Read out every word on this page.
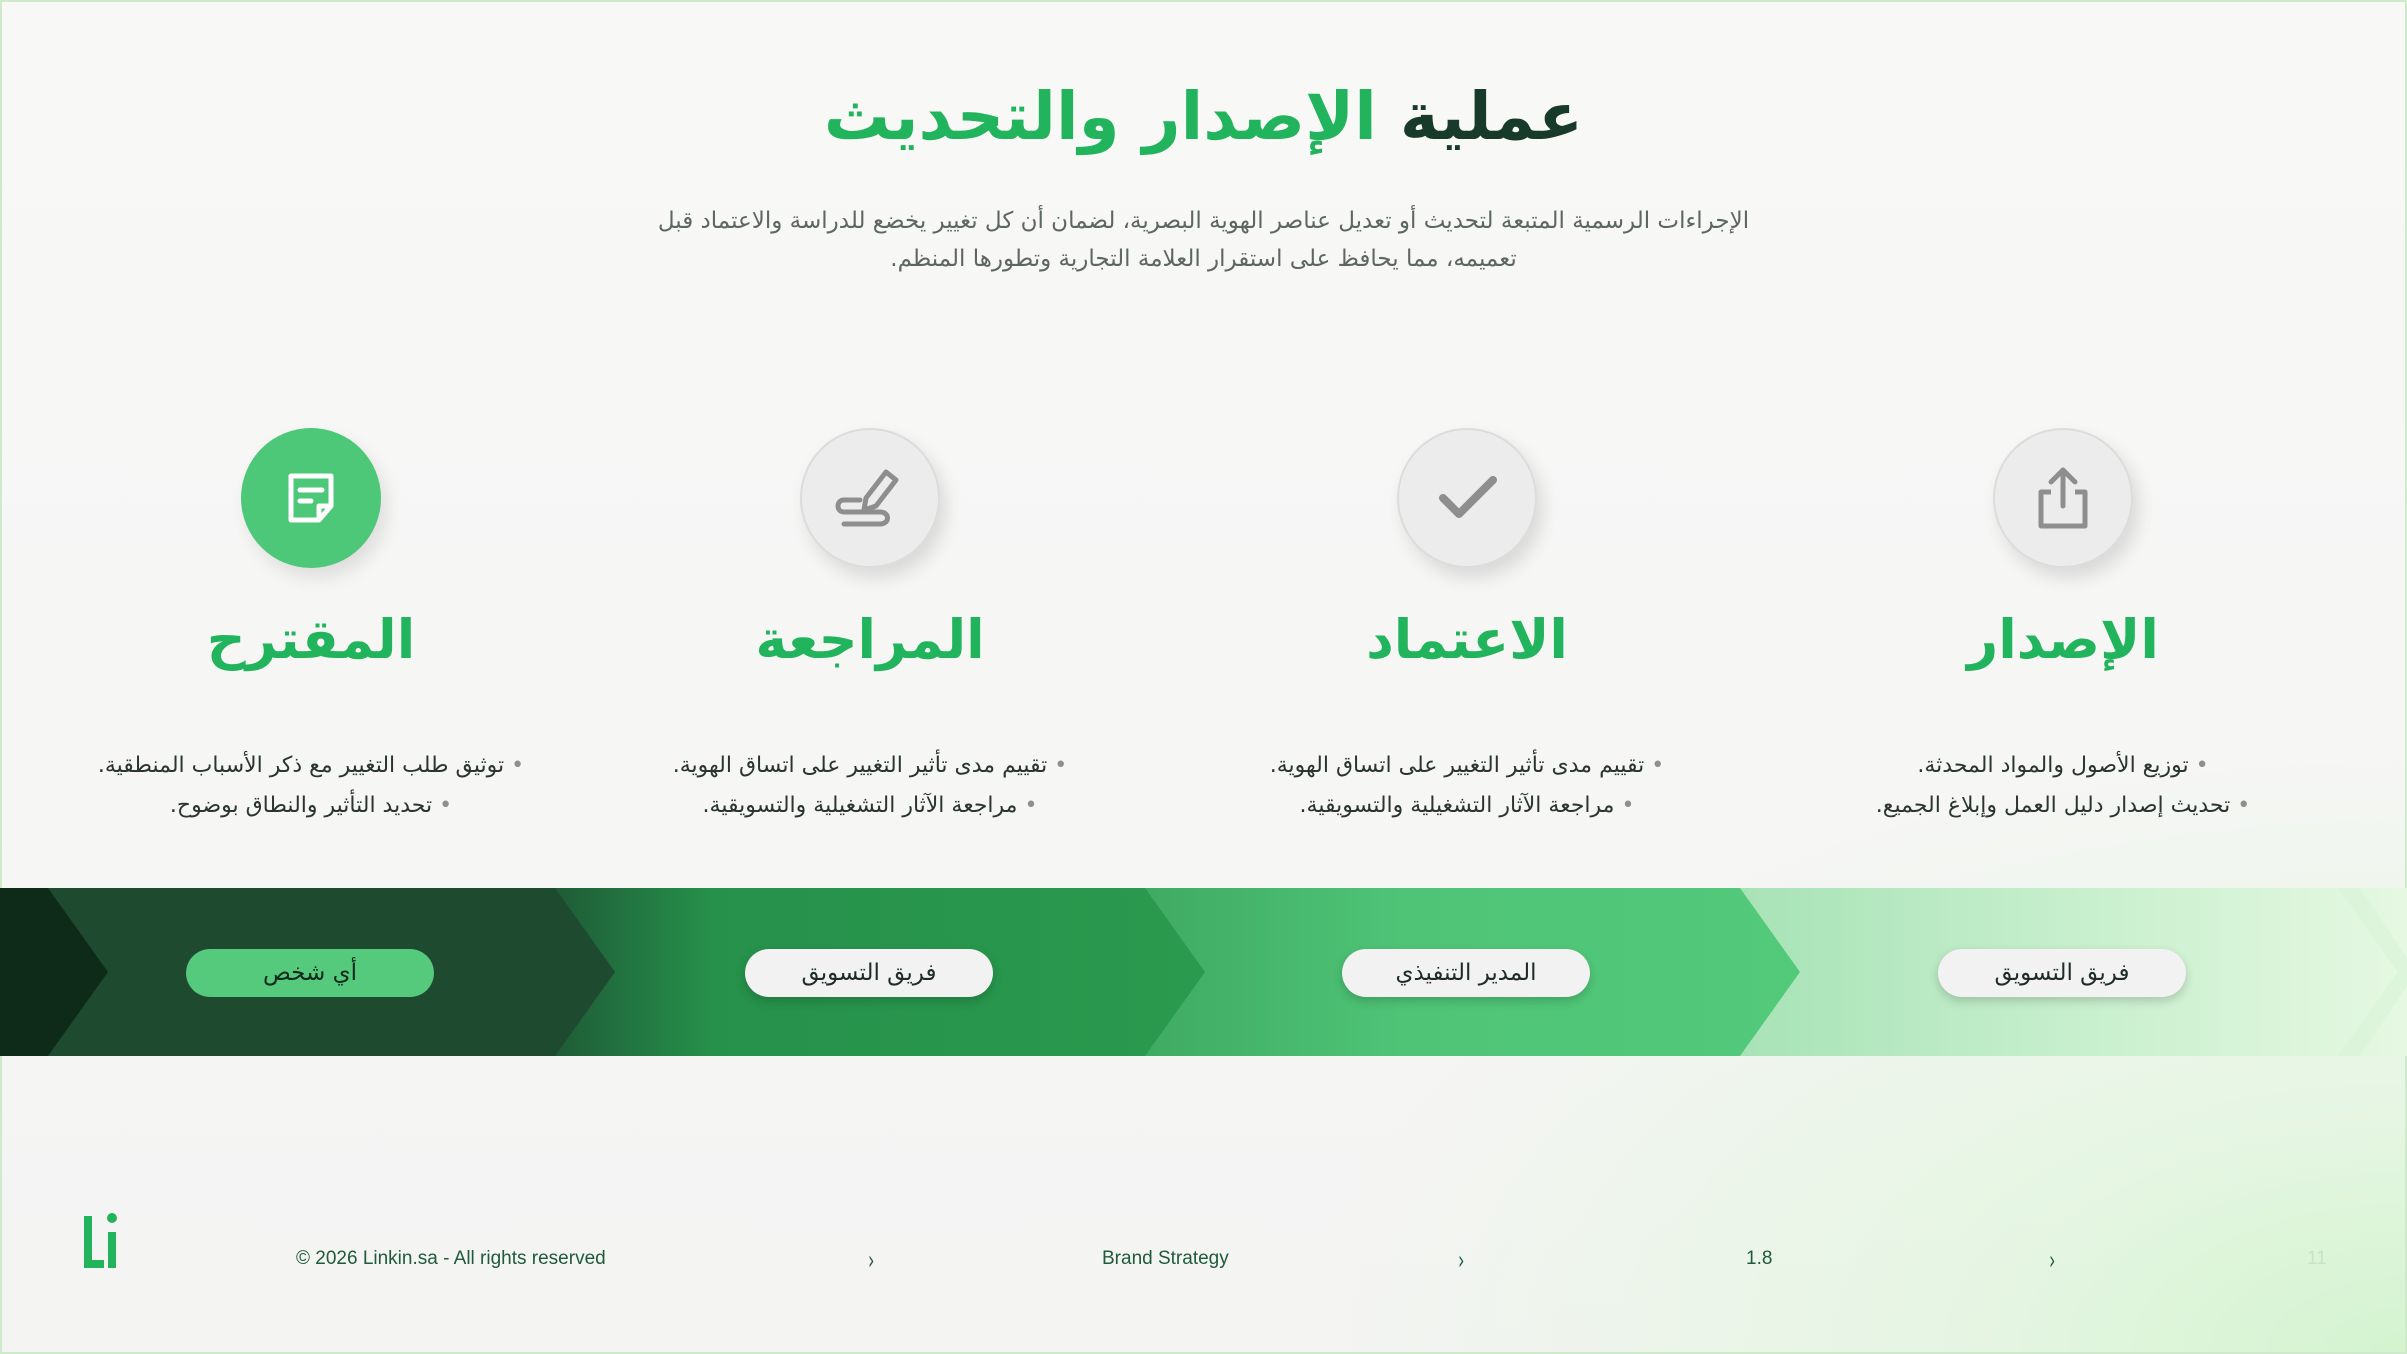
عملية الإصدار والتحديث
الإجراءات الرسمية المتبعة لتحديث أو تعديل عناصر الهوية البصرية، لضمان أن كل تغيير يخضع للدراسة والاعتماد قبل تعميمه، مما يحافظ على استقرار العلامة التجارية وتطورها المنظم.
المقترح
• توثيق طلب التغيير مع ذكر الأسباب المنطقية.
• تحديد التأثير والنطاق بوضوح.
المراجعة
• تقييم مدى تأثير التغيير على اتساق الهوية.
• مراجعة الآثار التشغيلية والتسويقية.
الاعتماد
• تقييم مدى تأثير التغيير على اتساق الهوية.
• مراجعة الآثار التشغيلية والتسويقية.
الإصدار
• توزيع الأصول والمواد المحدثة.
• تحديث إصدار دليل العمل وإبلاغ الجميع.
أي شخص	فريق التسويق	المدير التنفيذي	فريق التسويق
© 2026 Linkin.sa - All rights reserved	›	Brand Strategy	›	1.8	›	11
